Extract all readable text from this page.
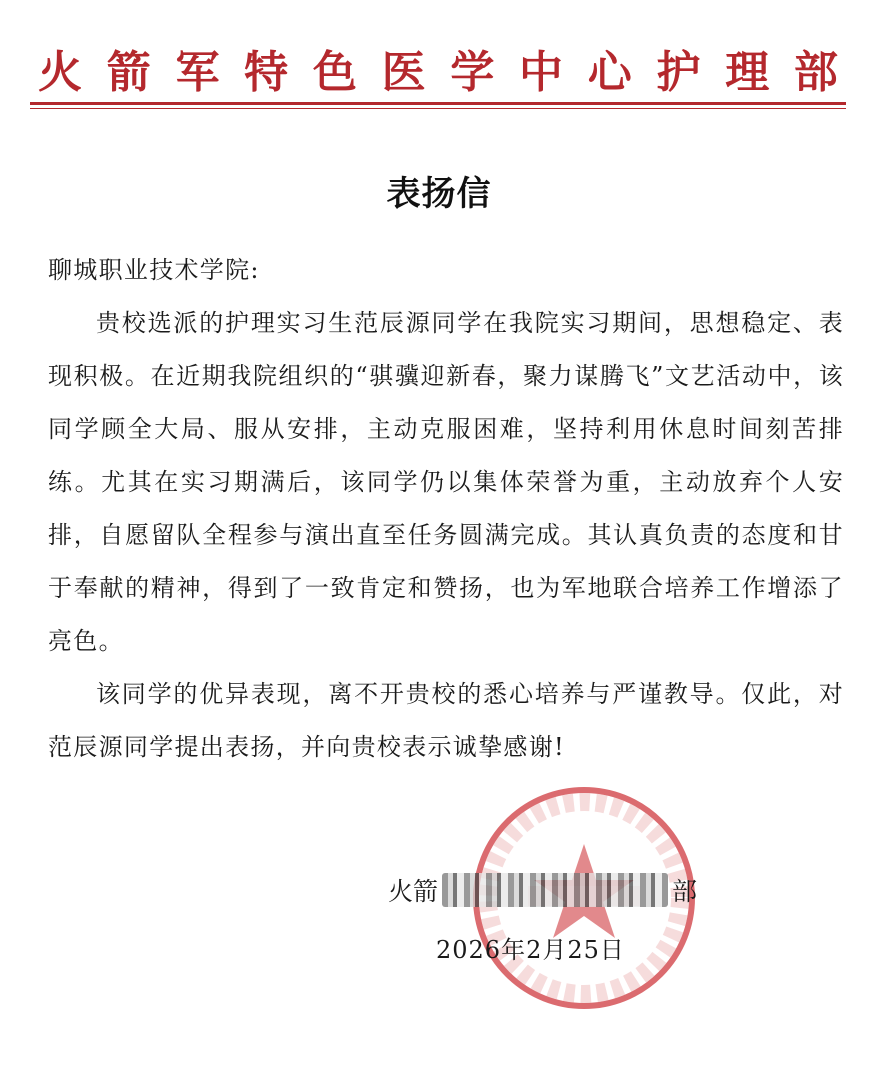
火 箭 军 特 色 医 学 中 心 护 理 部
表扬信

聊城职业技术学院:

贵校选派的护理实习生范辰源同学在我院实习期间，思想稳定、表现积极。在近期我院组织的“骐骥迎新春，聚力谋腾飞”文艺活动中，该同学顾全大局、服从安排，主动克服困难，坚持利用休息时间刻苦排练。尤其在实习期满后，该同学仍以集体荣誉为重，主动放弃个人安排，自愿留队全程参与演出直至任务圆满完成。其认真负责的态度和甘于奉献的精神，得到了一致肯定和赞扬，也为军地联合培养工作增添了亮色。

该同学的优异表现，离不开贵校的悉心培养与严谨教导。仅此，对范辰源同学提出表扬，并向贵校表示诚挚感谢!

火箭	部
2026年2月25日
